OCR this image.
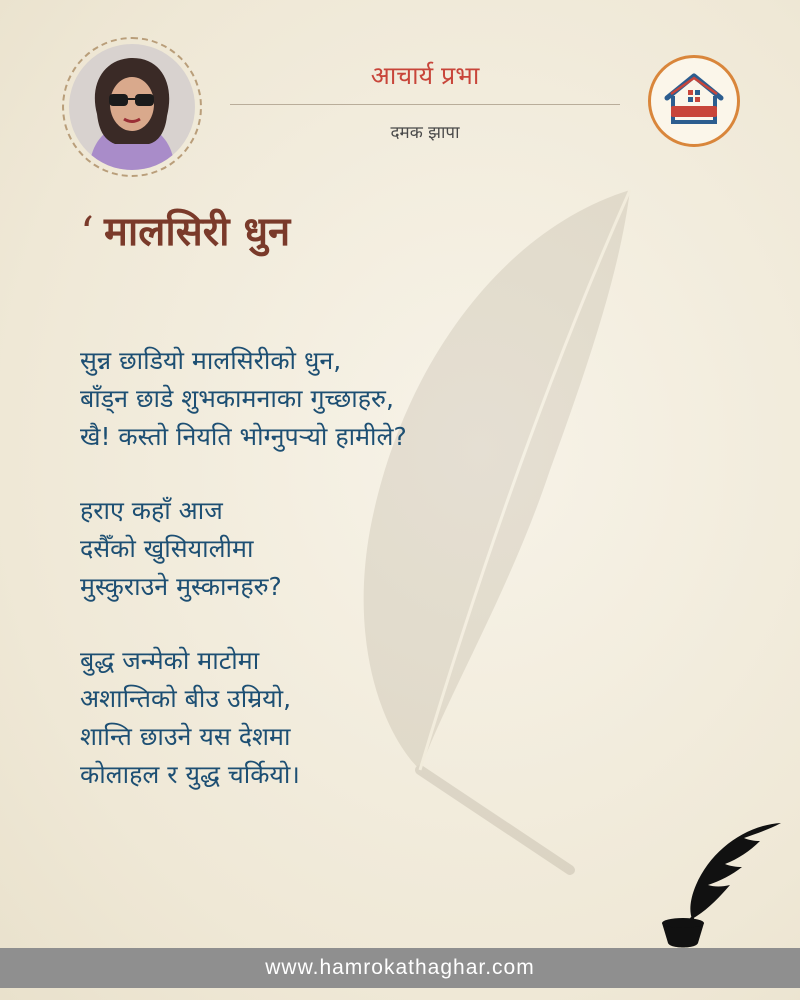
आचार्य प्रभा
दमक झापा
‘ मालसिरी धुन
सुन्न छाडियो मालसिरीको धुन,
बाँड्न छाडे शुभकामनाका गुच्छाहरु,
खै! कस्तो नियति भोग्नुपऱ्यो हामीले?
हराए कहाँ आज
दसैँको खुसियालीमा
मुस्कुराउने मुस्कानहरु?
बुद्ध जन्मेको माटोमा
अशान्तिको बीउ उम्रियो,
शान्ति छाउने यस देशमा
कोलाहल र युद्ध चर्कियो।
www.hamrokathaghar.com
